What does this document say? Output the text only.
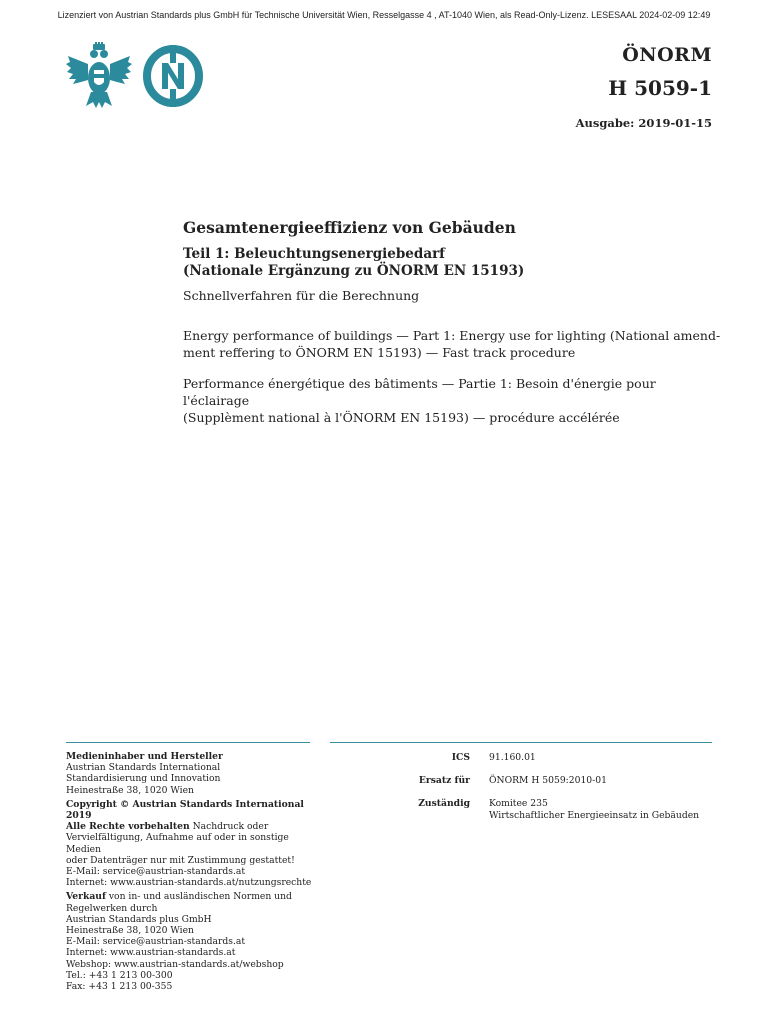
Lizenziert von Austrian Standards plus GmbH für Technische Universität Wien, Resselgasse 4 , AT-1040 Wien, als Read-Only-Lizenz. LESESAAL 2024-02-09 12:49
ÖNORM
H 5059-1
Ausgabe: 2019-01-15
Gesamtenergieeffizienz von Gebäuden
Teil 1: Beleuchtungsenergiebedarf
(Nationale Ergänzung zu ÖNORM EN 15193)
Schnellverfahren für die Berechnung
Energy performance of buildings — Part 1: Energy use for lighting (National amend-
ment reffering to ÖNORM EN 15193) — Fast track procedure
Performance énergétique des bâtiments — Partie 1: Besoin d'énergie pour l'éclairage
(Supplèment national à l'ÖNORM EN 15193) — procédure accélérée
Medieninhaber und Hersteller
Austrian Standards International
Standardisierung und Innovation
Heinestraße 38, 1020 Wien
Copyright © Austrian Standards International 2019
Alle Rechte vorbehalten Nachdruck oder
Vervielfältigung, Aufnahme auf oder in sonstige Medien
oder Datenträger nur mit Zustimmung gestattet!
E-Mail: service@austrian-standards.at
Internet: www.austrian-standards.at/nutzungsrechte
Verkauf von in- und ausländischen Normen und
Regelwerken durch
Austrian Standards plus GmbH
Heinestraße 38, 1020 Wien
E-Mail: service@austrian-standards.at
Internet: www.austrian-standards.at
Webshop: www.austrian-standards.at/webshop
Tel.: +43 1 213 00-300
Fax: +43 1 213 00-355
ICS	91.160.01
Ersatz für	ÖNORM H 5059:2010-01
Zuständig	Komitee 235
Wirtschaftlicher Energieeinsatz in Gebäuden
